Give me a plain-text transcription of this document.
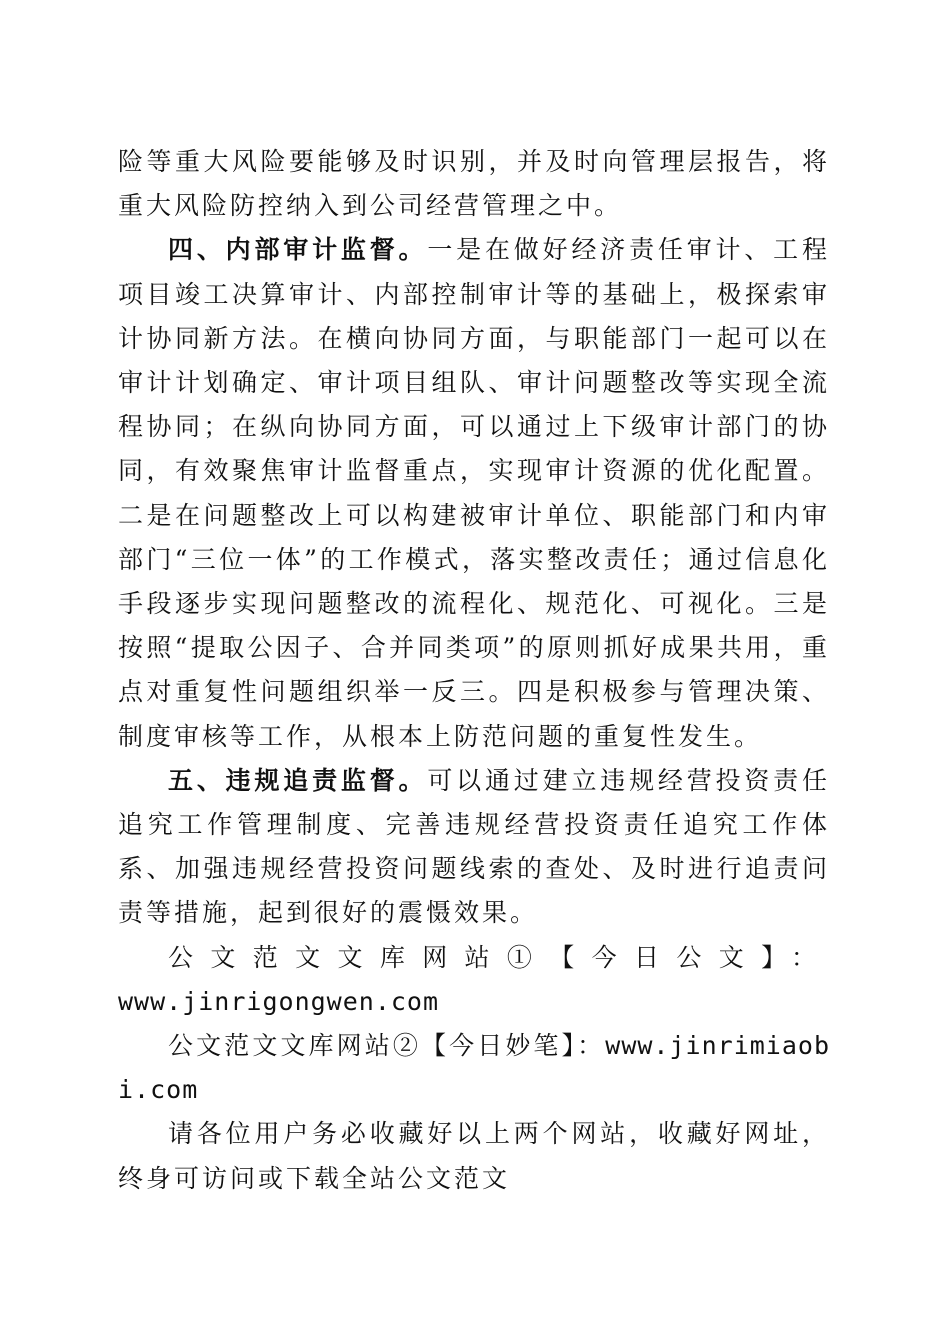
险等重大风险要能够及时识别，并及时向管理层报告，将重大风险防控纳入到公司经营管理之中。

四、内部审计监督。一是在做好经济责任审计、工程项目竣工决算审计、内部控制审计等的基础上，极探索审计协同新方法。在横向协同方面，与职能部门一起可以在审计计划确定、审计项目组队、审计问题整改等实现全流程协同；在纵向协同方面，可以通过上下级审计部门的协同，有效聚焦审计监督重点，实现审计资源的优化配置。二是在问题整改上可以构建被审计单位、职能部门和内审部门“三位一体”的工作模式，落实整改责任；通过信息化手段逐步实现问题整改的流程化、规范化、可视化。三是按照“提取公因子、合并同类项”的原则抓好成果共用，重点对重复性问题组织举一反三。四是积极参与管理决策、制度审核等工作，从根本上防范问题的重复性发生。

五、违规追责监督。可以通过建立违规经营投资责任追究工作管理制度、完善违规经营投资责任追究工作体系、加强违规经营投资问题线索的查处、及时进行追责问责等措施，起到很好的震慑效果。

公文范文文库网站①【今日公文】：

www.jinrigongwen.com

公文范文文库网站②【今日妙笔】：www.jinrimiaobi.com

请各位用户务必收藏好以上两个网站，收藏好网址，终身可访问或下载全站公文范文
